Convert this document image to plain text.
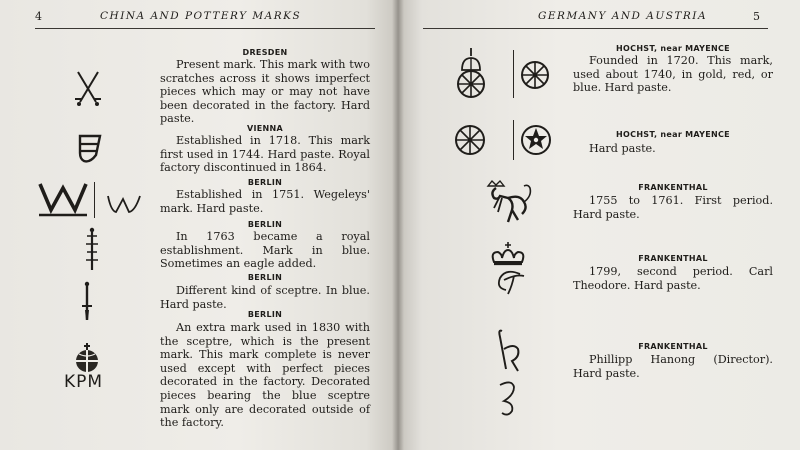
4	CHINA AND POTTERY MARKS
DRESDEN
Present mark. This mark with two scratches across it shows imperfect pieces which may or may not have been decorated in the factory. Hard paste.
VIENNA
Established in 1718. This mark first used in 1744. Hard paste. Royal factory discontinued in 1864.
BERLIN
Established in 1751. Wegeleys' mark. Hard paste.
BERLIN
In 1763 became a royal establishment. Mark in blue. Sometimes an eagle added.
BERLIN
Different kind of sceptre. In blue. Hard paste.
KPM
BERLIN
An extra mark used in 1830 with the sceptre, which is the present mark. This mark complete is never used except with perfect pieces decorated in the factory. Decorated pieces bearing the blue sceptre mark only are decorated outside of the factory.
GERMANY AND AUSTRIA	5
HOCHST, near MAYENCE
Founded in 1720. This mark, used about 1740, in gold, red, or blue. Hard paste.
HOCHST, near MAYENCE
Hard paste.
FRANKENTHAL
1755 to 1761. First period. Hard paste.
FRANKENTHAL
1799, second period. Carl Theodore. Hard paste.
FRANKENTHAL
Phillipp Hanong (Director). Hard paste.
